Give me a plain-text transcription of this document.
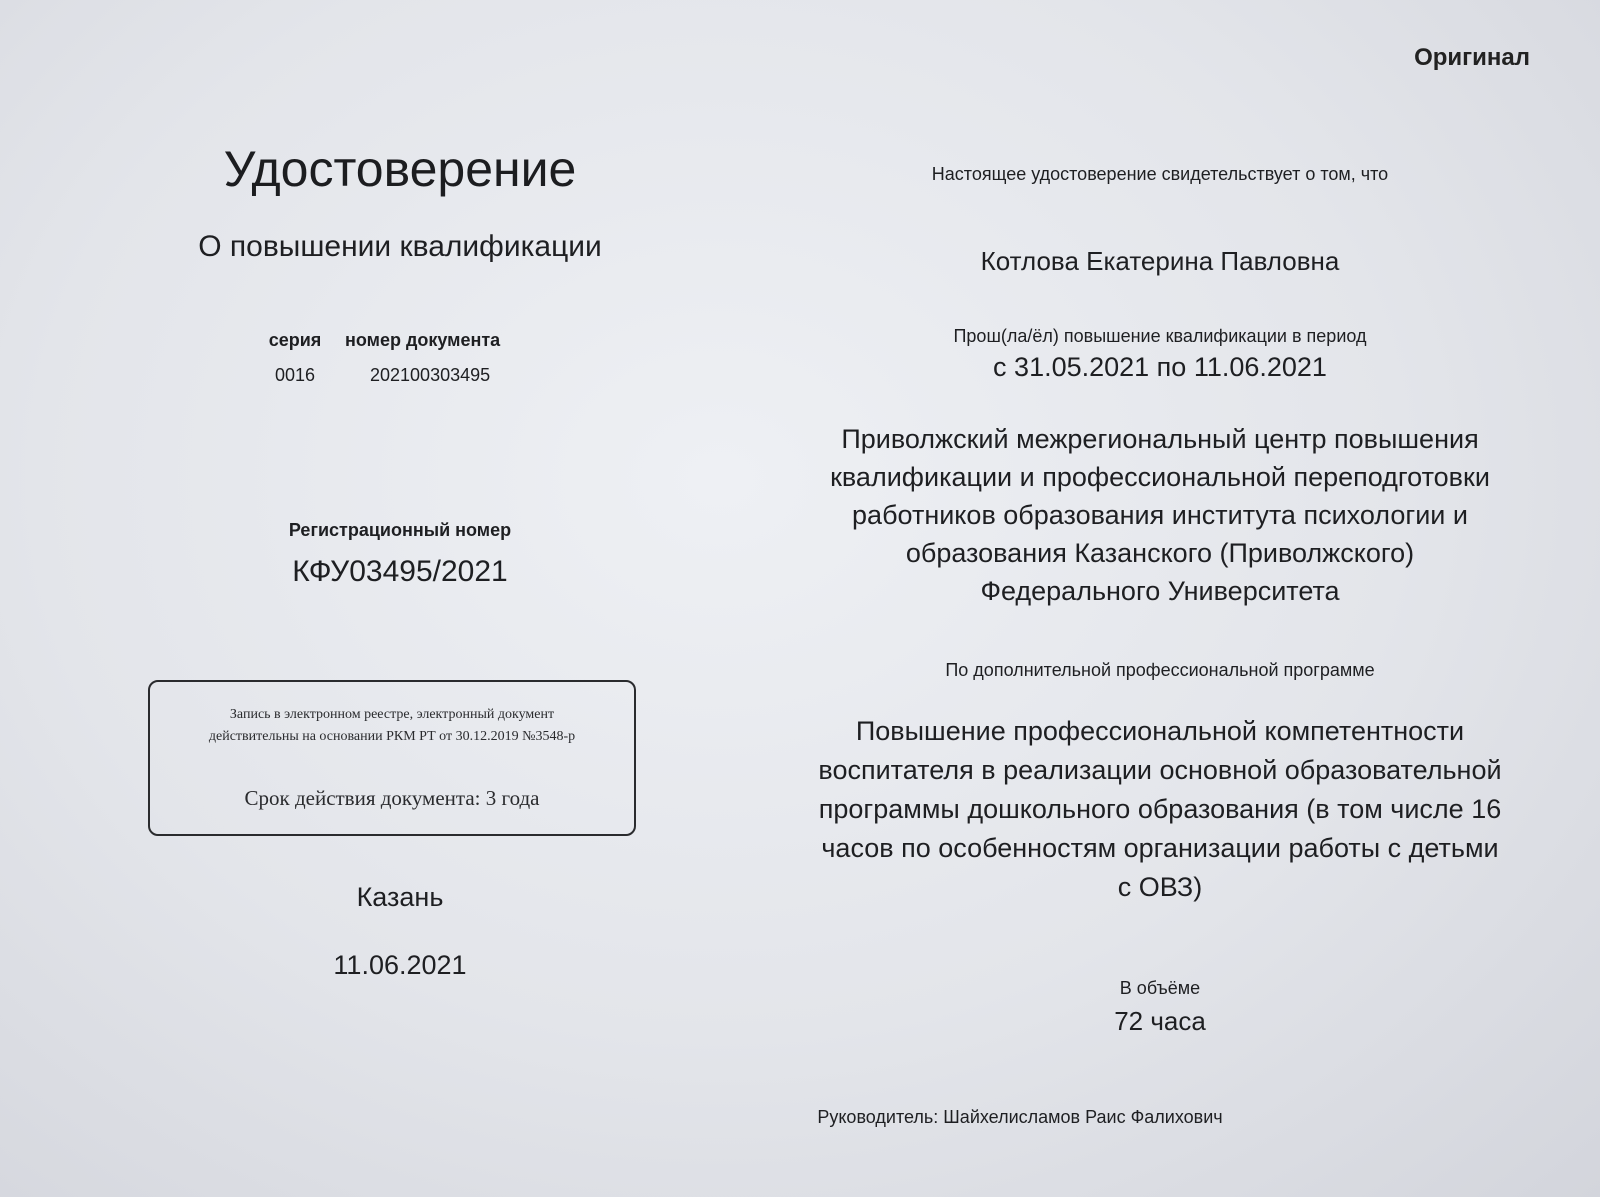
Оригинал
Удостоверение
О повышении квалификации
серия	номер документа
0016	202100303495
Регистрационный номер
КФУ03495/2021
Запись в электронном реестре, электронный документ
действительны на основании РКМ РТ от 30.12.2019 №3548-р
Срок действия документа: 3 года
Казань
11.06.2021
Настоящее удостоверение свидетельствует о том, что
Котлова Екатерина Павловна
Прош(ла/ёл) повышение квалификации в период
с 31.05.2021 по 11.06.2021
Приволжский межрегиональный центр повышения
квалификации и профессиональной переподготовки
работников образования института психологии и
образования Казанского (Приволжского)
Федерального Университета
По дополнительной профессиональной программе
Повышение профессиональной компетентности
воспитателя в реализации основной образовательной
программы дошкольного образования (в том числе 16
часов по особенностям организации работы с детьми
с ОВЗ)
В объёме
72 часа
Руководитель: Шайхелисламов Раис Фалихович
